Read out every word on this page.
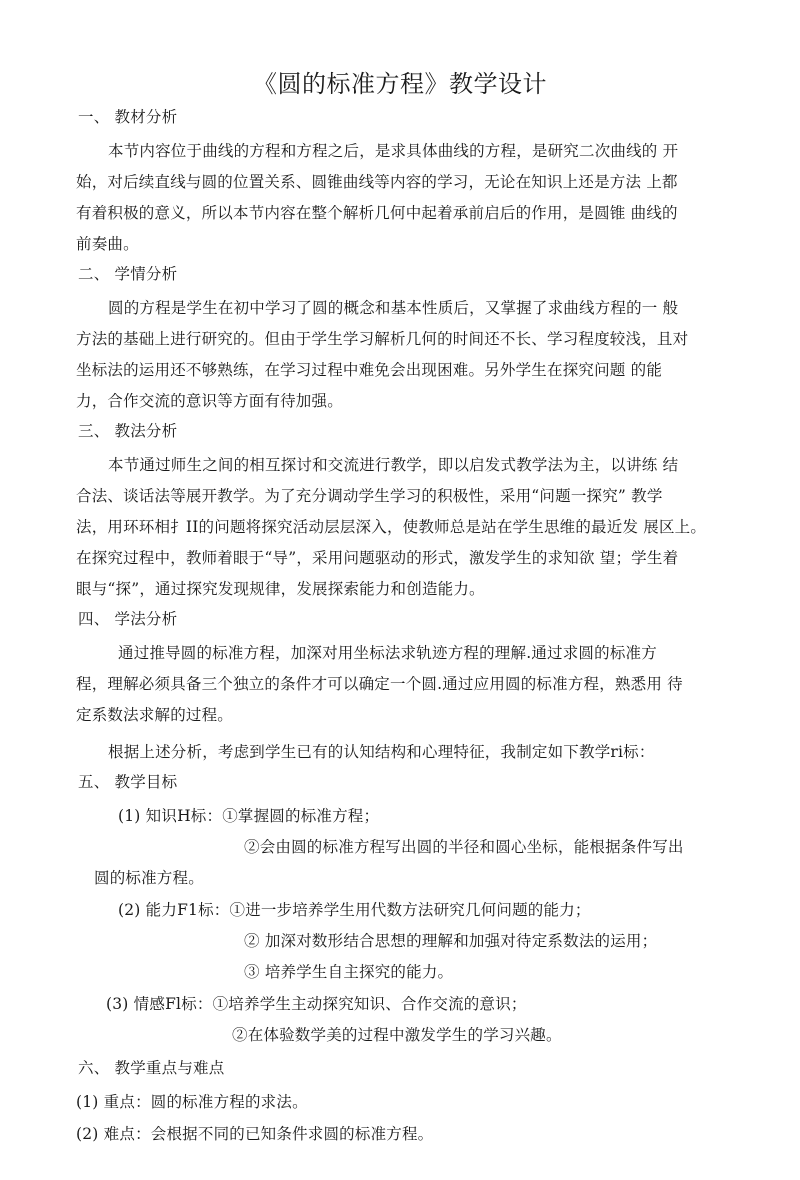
《圆的标准方程》教学设计
一、 教材分析
本节内容位于曲线的方程和方程之后，是求具体曲线的方程，是研究二次曲线的 开
始，对后续直线与圆的位置关系、圆锥曲线等内容的学习，无论在知识上还是方法 上都
有着积极的意义，所以本节内容在整个解析几何中起着承前启后的作用，是圆锥 曲线的
前奏曲。
二、 学情分析
圆的方程是学生在初中学习了圆的概念和基本性质后，又掌握了求曲线方程的一 般
方法的基础上进行研究的。但由于学生学习解析几何的时间还不长、学习程度较浅，且对
坐标法的运用还不够熟练，在学习过程中难免会出现困难。另外学生在探究问题 的能
力，合作交流的意识等方面有待加强。
三、 教法分析
本节通过师生之间的相互探讨和交流进行教学，即以启发式教学法为主，以讲练 结
合法、谈话法等展开教学。为了充分调动学生学习的积极性，采用“问题一探究” 教学
法，用环环相扌II的问题将探究活动层层深入，使教师总是站在学生思维的最近发 展区上。
在探究过程中，教师着眼于“导”，采用问题驱动的形式，激发学生的求知欲 望；学生着
眼与“探”，通过探究发现规律，发展探索能力和创造能力。
四、 学法分析
通过推导圆的标准方程，加深对用坐标法求轨迹方程的理解.通过求圆的标准方
程，理解必须具备三个独立的条件才可以确定一个圆.通过应用圆的标准方程，熟悉用 待
定系数法求解的过程。
根据上述分析，考虑到学生已有的认知结构和心理特征，我制定如下教学ri标：
五、 教学目标
(1) 知识H标：①掌握圆的标准方程；
②会由圆的标准方程写出圆的半径和圆心坐标，能根据条件写出
圆的标准方程。
(2) 能力F1标：①进一步培养学生用代数方法研究几何问题的能力；
② 加深对数形结合思想的理解和加强对待定系数法的运用；
③ 培养学生自主探究的能力。
(3) 情感Fl标：①培养学生主动探究知识、合作交流的意识；
②在体验数学美的过程中激发学生的学习兴趣。
六、 教学重点与难点
(1) 重点：圆的标准方程的求法。
(2) 难点：会根据不同的已知条件求圆的标准方程。
